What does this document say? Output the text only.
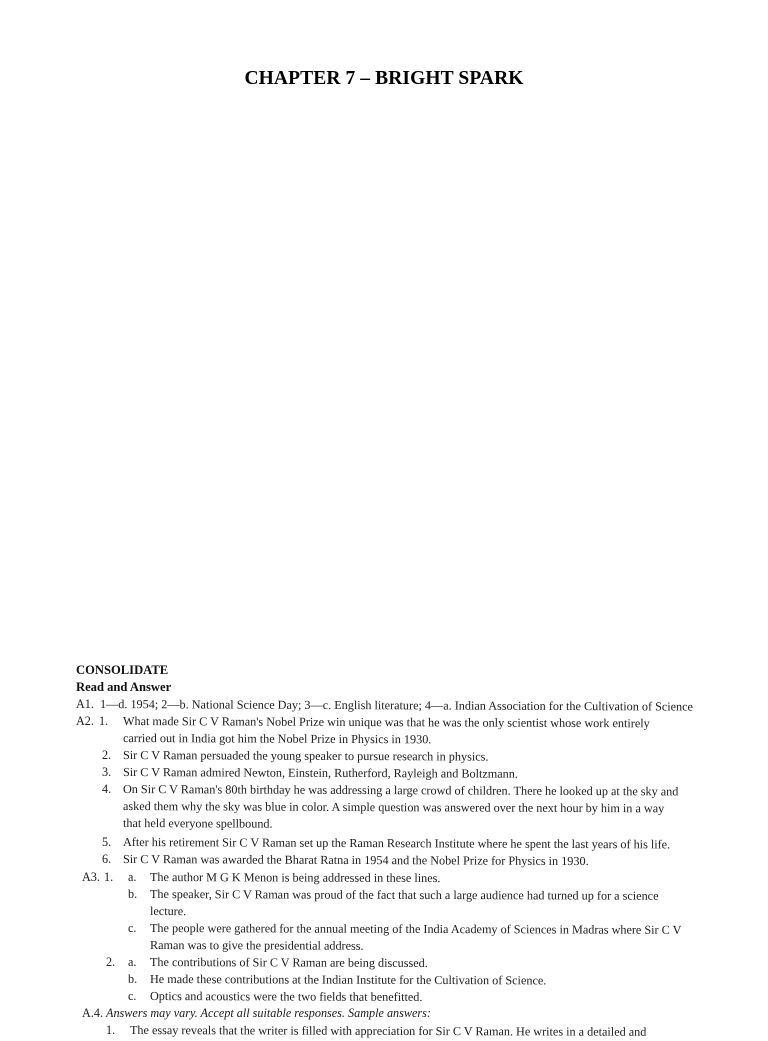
CHAPTER 7 – BRIGHT SPARK
CONSOLIDATE
Read and Answer
A1. 1—d. 1954; 2—b. National Science Day; 3—c. English literature; 4—a. Indian Association for the Cultivation of Science
A2. 1. What made Sir C V Raman's Nobel Prize win unique was that he was the only scientist whose work entirely
carried out in India got him the Nobel Prize in Physics in 1930.
2. Sir C V Raman persuaded the young speaker to pursue research in physics.
3. Sir C V Raman admired Newton, Einstein, Rutherford, Rayleigh and Boltzmann.
4. On Sir C V Raman's 80th birthday he was addressing a large crowd of children. There he looked up at the sky and
asked them why the sky was blue in color. A simple question was answered over the next hour by him in a way
that held everyone spellbound.
5. After his retirement Sir C V Raman set up the Raman Research Institute where he spent the last years of his life.
6. Sir C V Raman was awarded the Bharat Ratna in 1954 and the Nobel Prize for Physics in 1930.
A3. 1. a. The author M G K Menon is being addressed in these lines.
b. The speaker, Sir C V Raman was proud of the fact that such a large audience had turned up for a science
lecture.
c. The people were gathered for the annual meeting of the India Academy of Sciences in Madras where Sir C V
Raman was to give the presidential address.
2. a. The contributions of Sir C V Raman are being discussed.
b. He made these contributions at the Indian Institute for the Cultivation of Science.
c. Optics and acoustics were the two fields that benefitted.
A.4. Answers may vary. Accept all suitable responses. Sample answers:
1. The essay reveals that the writer is filled with appreciation for Sir C V Raman. He writes in a detailed and
